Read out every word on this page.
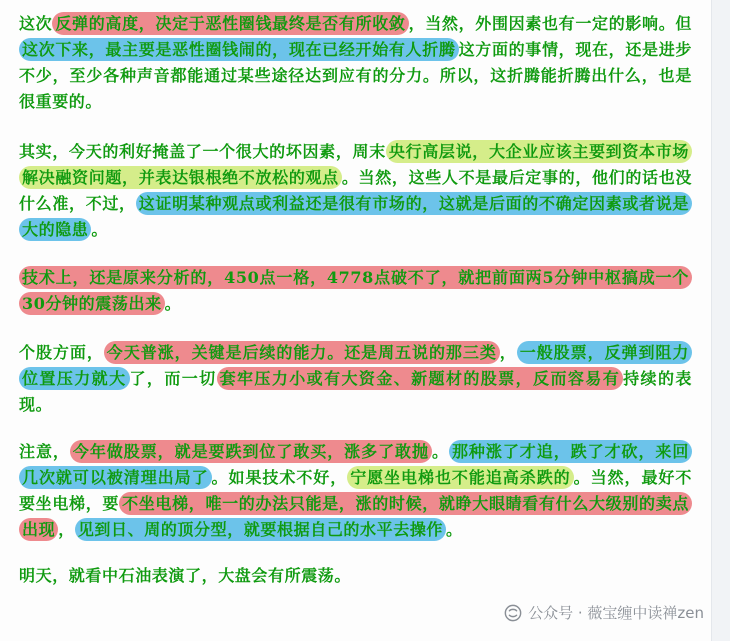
这次 反弹的高度，决定于恶性圈钱最终是否有所收敛 ，当然，外围因素也有一定的影响。但这次下来，最主要是恶性圈钱闹的，现在已经开始有人折腾 这方面的事情，现在，还是进步不少，至少各种声音都能通过某些途径达到应有的分力。所以，这折腾能折腾出什么，也是很重要的。

其实，今天的利好掩盖了一个很大的坏因素，周末 央行高层说，大企业应该主要到资本市场解决融资问题，并表达银根绝不放松的观点 。当然，这些人不是最后定事的，他们的话也没什么准，不过， 这证明某种观点或利益还是很有市场的，这就是后面的不确定因素或者说是大的隐患 。

技术上，还是原来分析的，450点一格，4778点破不了，就把前面两5分钟中枢搞成一个30分钟的震荡出来 。

个股方面， 今天普涨，关键是后续的能力。还是周五说的那三类 ， 一般股票，反弹到阻力位置压力就大 了，而一切 套牢压力小或有大资金、新题材的股票，反而容易有 持续的表现。

注意， 今年做股票，就是要跌到位了敢买，涨多了敢抛 。 那种涨了才追，跌了才砍，来回几次就可以被清理出局了 。如果技术不好， 宁愿坐电梯也不能追高杀跌的 。当然，最好不要坐电梯，要 不坐电梯，唯一的办法只能是，涨的时候，就睁大眼睛看有什么大级别的卖点出现 ， 见到日、周的顶分型，就要根据自己的水平去操作 。

明天，就看中石油表演了，大盘会有所震荡。

公众号 · 薇宝缠中读禅zen
